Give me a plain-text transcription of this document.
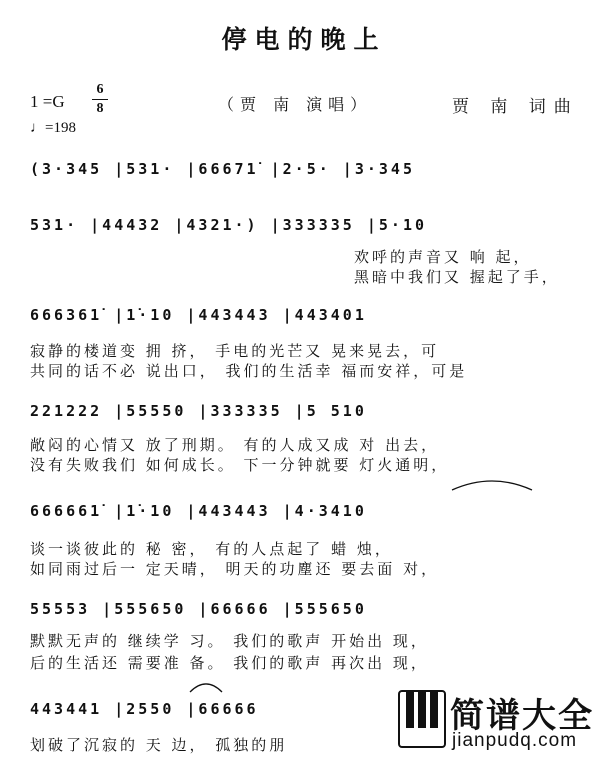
停电的晚上
1 =G
6
8
♩=198
（贾 南 演唱）	贾 南 词曲
(3·345 |531· |66671̇ |2·5· |3·345
531· |44432 |4321·) |333335 |5·10
欢呼的声音又 响 起，
黑暗中我们又 握起了手，
666361̇ |1̇·10 |443443 |443401
寂静的楼道变 拥 挤， 手电的光芒又 晃来晃去，可
共同的话不必 说出口， 我们的生活幸 福而安祥，可是
221222 |55550 |333335 |5 510
敞闷的心情又 放了刑期。 有的人成又成 对 出去，
没有失败我们 如何成长。 下一分钟就要 灯火通明，
666661̇ |1̇·10 |443443 |4·3410
谈一谈彼此的 秘 密， 有的人点起了 蜡 烛，
如同雨过后一 定天晴， 明天的功塵还 要去面 对，
55553 |555650 |66666 |555650
默默无声的 继续学 习。 我们的歌声 开始出 现，
后的生活还 需要准 备。 我们的歌声 再次出 现，
443441 |2550 |66666
划破了沉寂的 天 边， 孤独的朋
简谱大全
jianpudq.com
